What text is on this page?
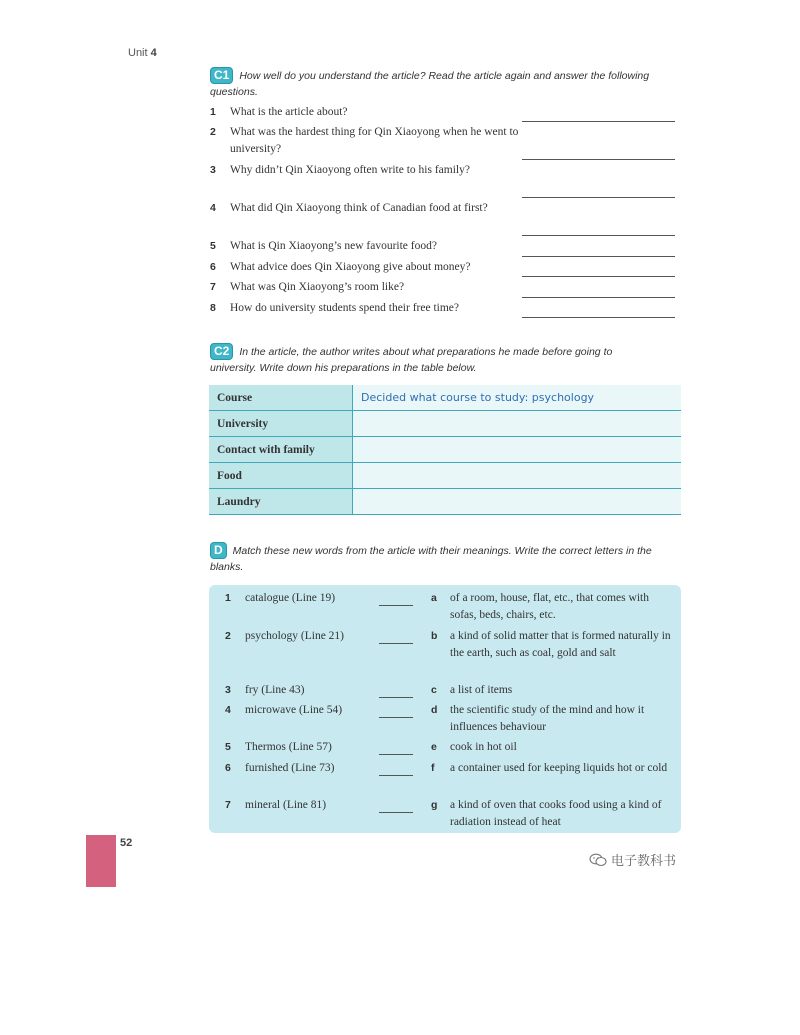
Unit 4
C1 How well do you understand the article? Read the article again and answer the following questions.
1	What is the article about?
2	What was the hardest thing for Qin Xiaoyong when he went to university?
3	Why didn’t Qin Xiaoyong often write to his family?
4	What did Qin Xiaoyong think of Canadian food at first?
5	What is Qin Xiaoyong’s new favourite food?
6	What advice does Qin Xiaoyong give about money?
7	What was Qin Xiaoyong’s room like?
8	How do university students spend their free time?
C2 In the article, the author writes about what preparations he made before going to university. Write down his preparations in the table below.
Course	Decided what course to study: psychology
University	
Contact with family	
Food	
Laundry	
D Match these new words from the article with their meanings. Write the correct letters in the blanks.
1 catalogue (Line 19)	a of a room, house, flat, etc., that comes with sofas, beds, chairs, etc.
2 psychology (Line 21)	b a kind of solid matter that is formed naturally in the earth, such as coal, gold and salt
3 fry (Line 43)	c a list of items
4 microwave (Line 54)	d the scientific study of the mind and how it influences behaviour
5 Thermos (Line 57)	e cook in hot oil
6 furnished (Line 73)	f a container used for keeping liquids hot or cold
7 mineral (Line 81)	g a kind of oven that cooks food using a kind of radiation instead of heat
52
电子教科书
